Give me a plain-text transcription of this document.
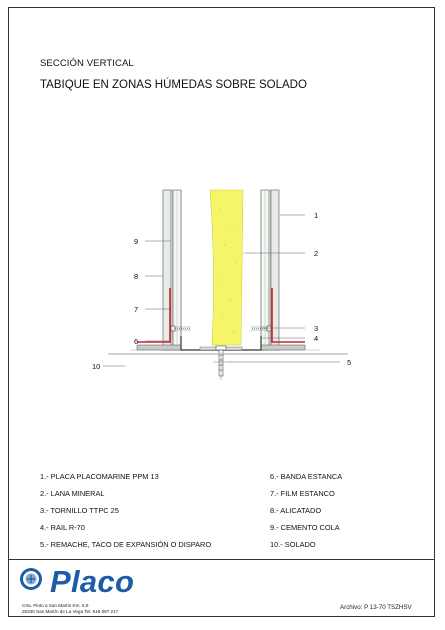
SECCIÓN VERTICAL
TABIQUE EN ZONAS HÚMEDAS SOBRE SOLADO
1
2
3
4
5
6
7
8
9
10
1.- PLACA PLACOMARINE PPM 13
2.- LANA MINERAL
3.- TORNILLO TTPC 25
4.- RAIL R-70
5.- REMACHE, TACO DE EXPANSIÓN O DISPARO
6.- BANDA ESTANCA
7.- FILM ESTANCO
8.- ALICATADO
9.- CEMENTO COLA
10.- SOLADO
Placo
Crta. Pinto a San Martín Km. 8,9
28330 San Martín de La Vega Tel. 918 087 217
Archivo: P 13-70 TSZHSV
